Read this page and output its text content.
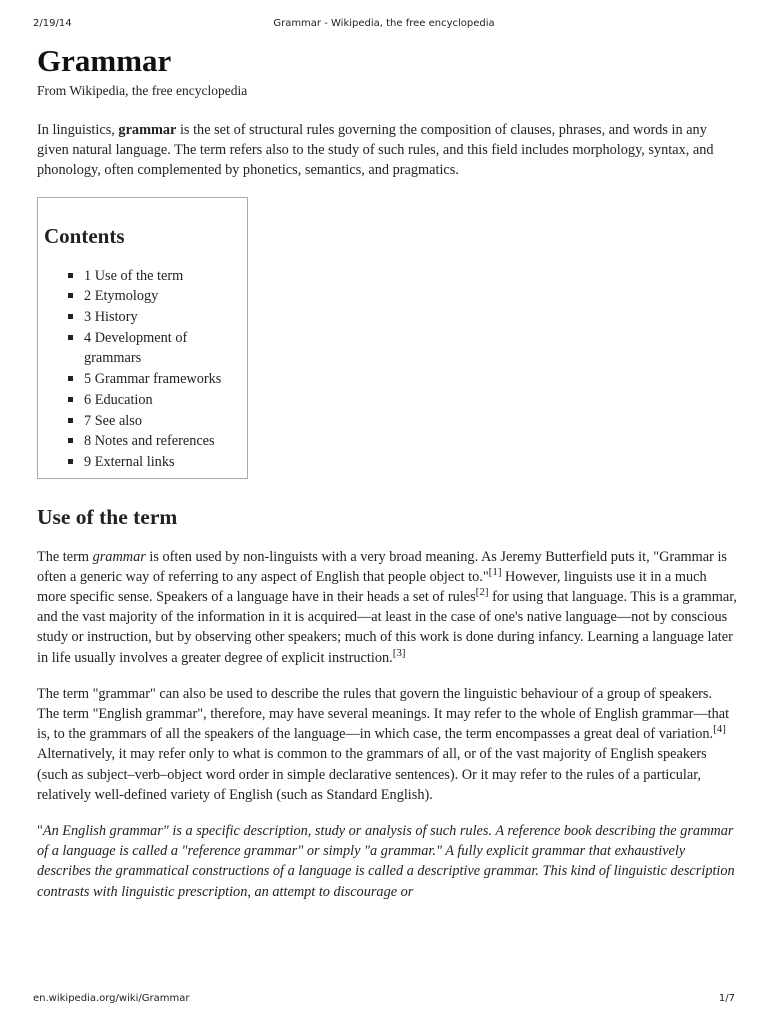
2/19/14	Grammar - Wikipedia, the free encyclopedia
Grammar
From Wikipedia, the free encyclopedia

In linguistics, grammar is the set of structural rules governing the composition of clauses, phrases, and words in any given natural language. The term refers also to the study of such rules, and this field includes morphology, syntax, and phonology, often complemented by phonetics, semantics, and pragmatics.

Contents
1 Use of the term
2 Etymology
3 History
4 Development of grammars
5 Grammar frameworks
6 Education
7 See also
8 Notes and references
9 External links
Use of the term

The term grammar is often used by non-linguists with a very broad meaning. As Jeremy Butterfield puts it, "Grammar is often a generic way of referring to any aspect of English that people object to."[1] However, linguists use it in a much more specific sense. Speakers of a language have in their heads a set of rules[2] for using that language. This is a grammar, and the vast majority of the information in it is acquired—at least in the case of one's native language—not by conscious study or instruction, but by observing other speakers; much of this work is done during infancy. Learning a language later in life usually involves a greater degree of explicit instruction.[3]

The term "grammar" can also be used to describe the rules that govern the linguistic behaviour of a group of speakers. The term "English grammar", therefore, may have several meanings. It may refer to the whole of English grammar—that is, to the grammars of all the speakers of the language—in which case, the term encompasses a great deal of variation.[4] Alternatively, it may refer only to what is common to the grammars of all, or of the vast majority of English speakers (such as subject–verb–object word order in simple declarative sentences). Or it may refer to the rules of a particular, relatively well-defined variety of English (such as Standard English).

"An English grammar" is a specific description, study or analysis of such rules. A reference book describing the grammar of a language is called a "reference grammar" or simply "a grammar." A fully explicit grammar that exhaustively describes the grammatical constructions of a language is called a descriptive grammar. This kind of linguistic description contrasts with linguistic prescription, an attempt to discourage or

en.wikipedia.org/wiki/Grammar	1/7
